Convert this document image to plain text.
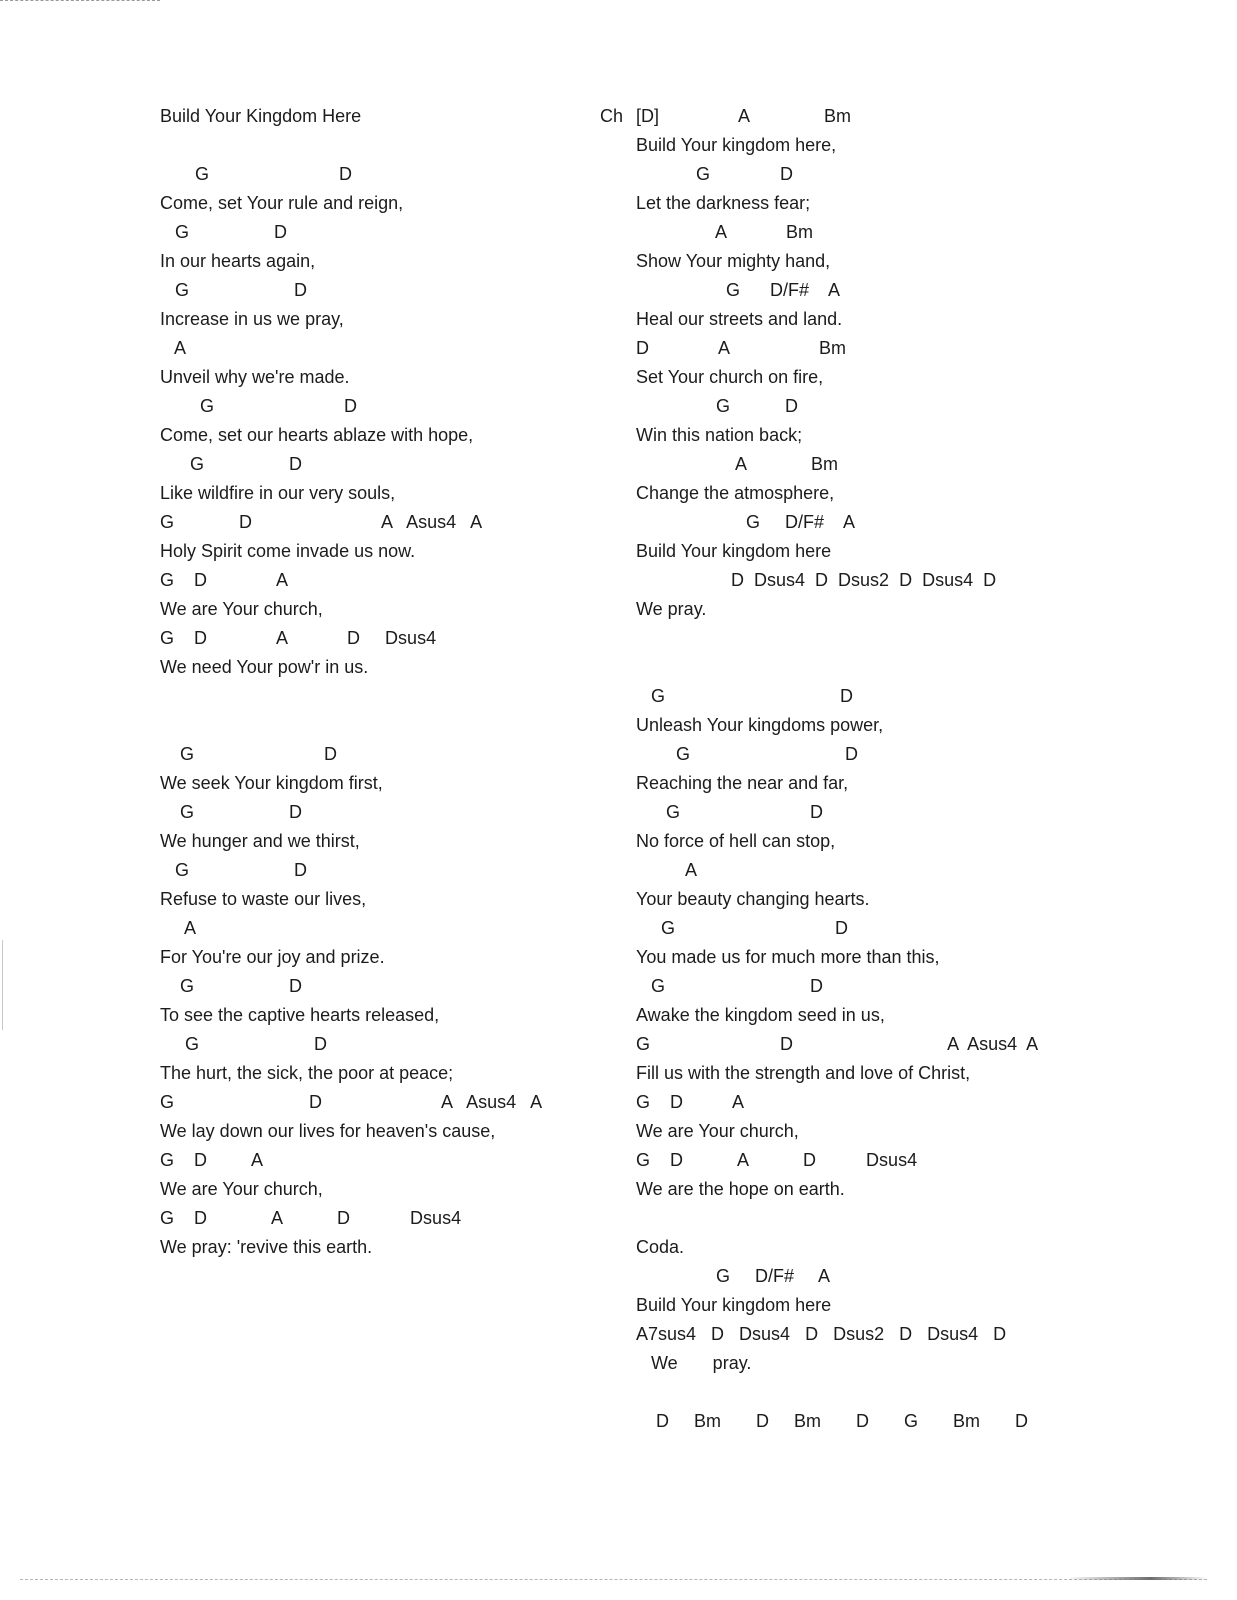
Build Your Kingdom Here
G                          D
Come, set Your rule and reign,
G                 D
In our hearts again,
G                     D
Increase in us we pray,
A
Unveil why we're made.
G                          D
Come, set our hearts ablaze with hope,
G                 D
Like wildfire in our very souls,
G             D                          A   Asus4   A
Holy Spirit come invade us now.
G    D              A
We are Your church,
G    D              A            D     Dsus4
We need Your pow'r in us.
G                          D
We seek Your kingdom first,
G                   D
We hunger and we thirst,
G                     D
Refuse to waste our lives,
A
For You're our joy and prize.
G                   D
To see the captive hearts released,
G                       D
The hurt, the sick, the poor at peace;
G                           D                        A   Asus4   A
We lay down our lives for heaven's cause,
G    D         A
We are Your church,
G    D             A           D            Dsus4
We pray: 'revive this earth.
Ch [D]                A               Bm
Build Your kingdom here,
G              D
Let the darkness fear;
A            Bm
Show Your mighty hand,
G      D/F#    A
Heal our streets and land.
D              A                  Bm
Set Your church on fire,
G           D
Win this nation back;
A             Bm
Change the atmosphere,
G     D/F#    A
Build Your kingdom here
D  Dsus4  D  Dsus2  D  Dsus4  D
We pray.
G                                   D
Unleash Your kingdoms power,
G                               D
Reaching the near and far,
G                          D
No force of hell can stop,
A
Your beauty changing hearts.
G                                D
You made us for much more than this,
G                             D
Awake the kingdom seed in us,
G                          D                               A  Asus4  A
Fill us with the strength and love of Christ,
G    D          A
We are Your church,
G    D           A           D          Dsus4
We are the hope on earth.
Coda.
G     D/F#     A
Build Your kingdom here
A7sus4   D   Dsus4   D   Dsus2   D   Dsus4   D
We       pray.
D     Bm       D     Bm       D       G       Bm       D
